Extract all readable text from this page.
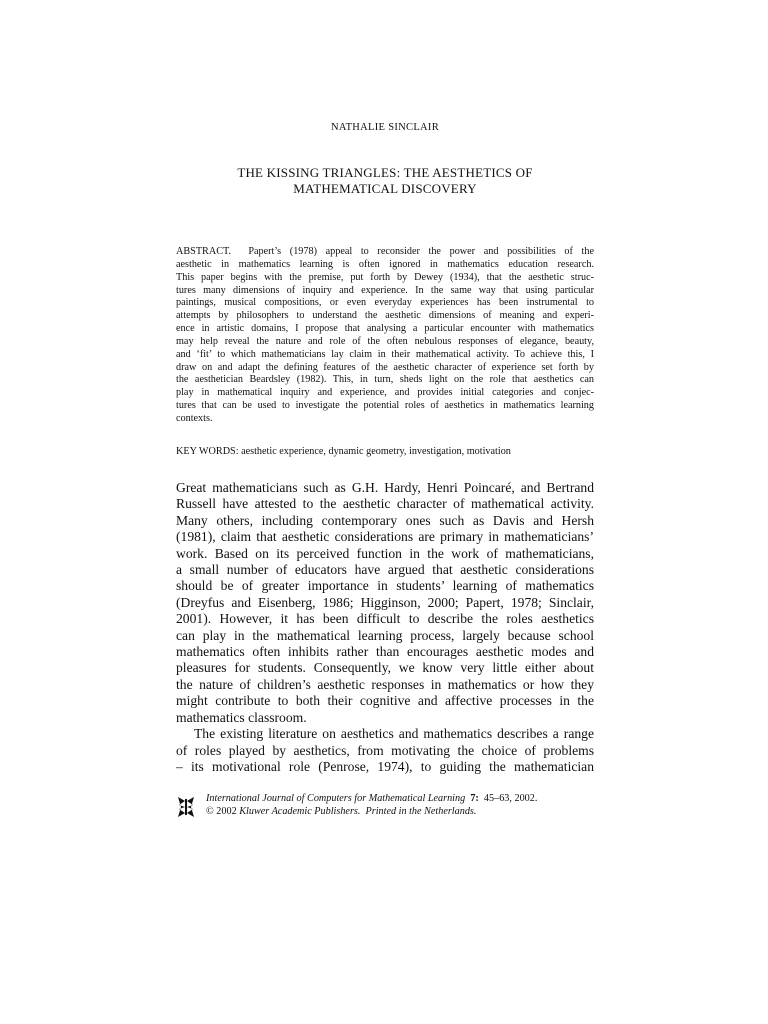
NATHALIE SINCLAIR
THE KISSING TRIANGLES: THE AESTHETICS OF
MATHEMATICAL DISCOVERY
ABSTRACT. Papert’s (1978) appeal to reconsider the power and possibilities of the
aesthetic in mathematics learning is often ignored in mathematics education research.
This paper begins with the premise, put forth by Dewey (1934), that the aesthetic struc-
tures many dimensions of inquiry and experience. In the same way that using particular
paintings, musical compositions, or even everyday experiences has been instrumental to
attempts by philosophers to understand the aesthetic dimensions of meaning and experi-
ence in artistic domains, I propose that analysing a particular encounter with mathematics
may help reveal the nature and role of the often nebulous responses of elegance, beauty,
and ‘fit’ to which mathematicians lay claim in their mathematical activity. To achieve this, I
draw on and adapt the defining features of the aesthetic character of experience set forth by
the aesthetician Beardsley (1982). This, in turn, sheds light on the role that aesthetics can
play in mathematical inquiry and experience, and provides initial categories and conjec-
tures that can be used to investigate the potential roles of aesthetics in mathematics learning
contexts.
KEY WORDS: aesthetic experience, dynamic geometry, investigation, motivation
Great mathematicians such as G.H. Hardy, Henri Poincaré, and Bertrand
Russell have attested to the aesthetic character of mathematical activity.
Many others, including contemporary ones such as Davis and Hersh
(1981), claim that aesthetic considerations are primary in mathematicians’
work. Based on its perceived function in the work of mathematicians,
a small number of educators have argued that aesthetic considerations
should be of greater importance in students’ learning of mathematics
(Dreyfus and Eisenberg, 1986; Higginson, 2000; Papert, 1978; Sinclair,
2001). However, it has been difficult to describe the roles aesthetics
can play in the mathematical learning process, largely because school
mathematics often inhibits rather than encourages aesthetic modes and
pleasures for students. Consequently, we know very little either about
the nature of children’s aesthetic responses in mathematics or how they
might contribute to both their cognitive and affective processes in the
mathematics classroom.
The existing literature on aesthetics and mathematics describes a range
of roles played by aesthetics, from motivating the choice of problems
– its motivational role (Penrose, 1974), to guiding the mathematician
International Journal of Computers for Mathematical Learning 7: 45–63, 2002.
© 2002 Kluwer Academic Publishers. Printed in the Netherlands.
